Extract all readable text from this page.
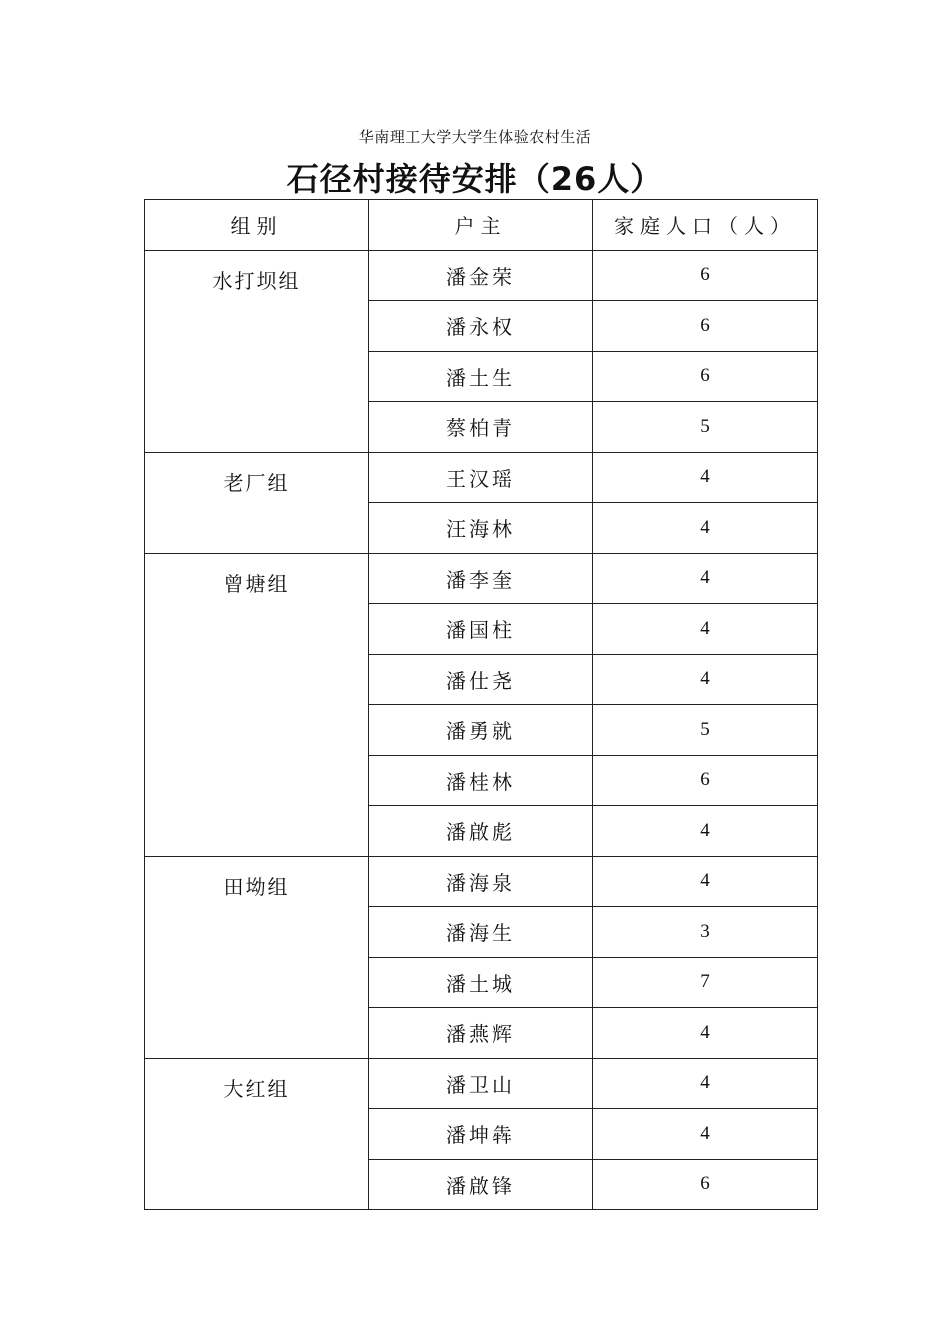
华南理工大学大学生体验农村生活
石径村接待安排（26人）
组别	户主	家庭人口（人）
水打坝组	潘金荣	6
	潘永权	6
	潘土生	6
	蔡柏青	5
老厂组	王汉瑶	4
	汪海林	4
曾塘组	潘李奎	4
	潘国柱	4
	潘仕尧	4
	潘勇就	5
	潘桂林	6
	潘啟彪	4
田坳组	潘海泉	4
	潘海生	3
	潘土城	7
	潘燕辉	4
大红组	潘卫山	4
	潘坤犇	4
	潘啟锋	6
